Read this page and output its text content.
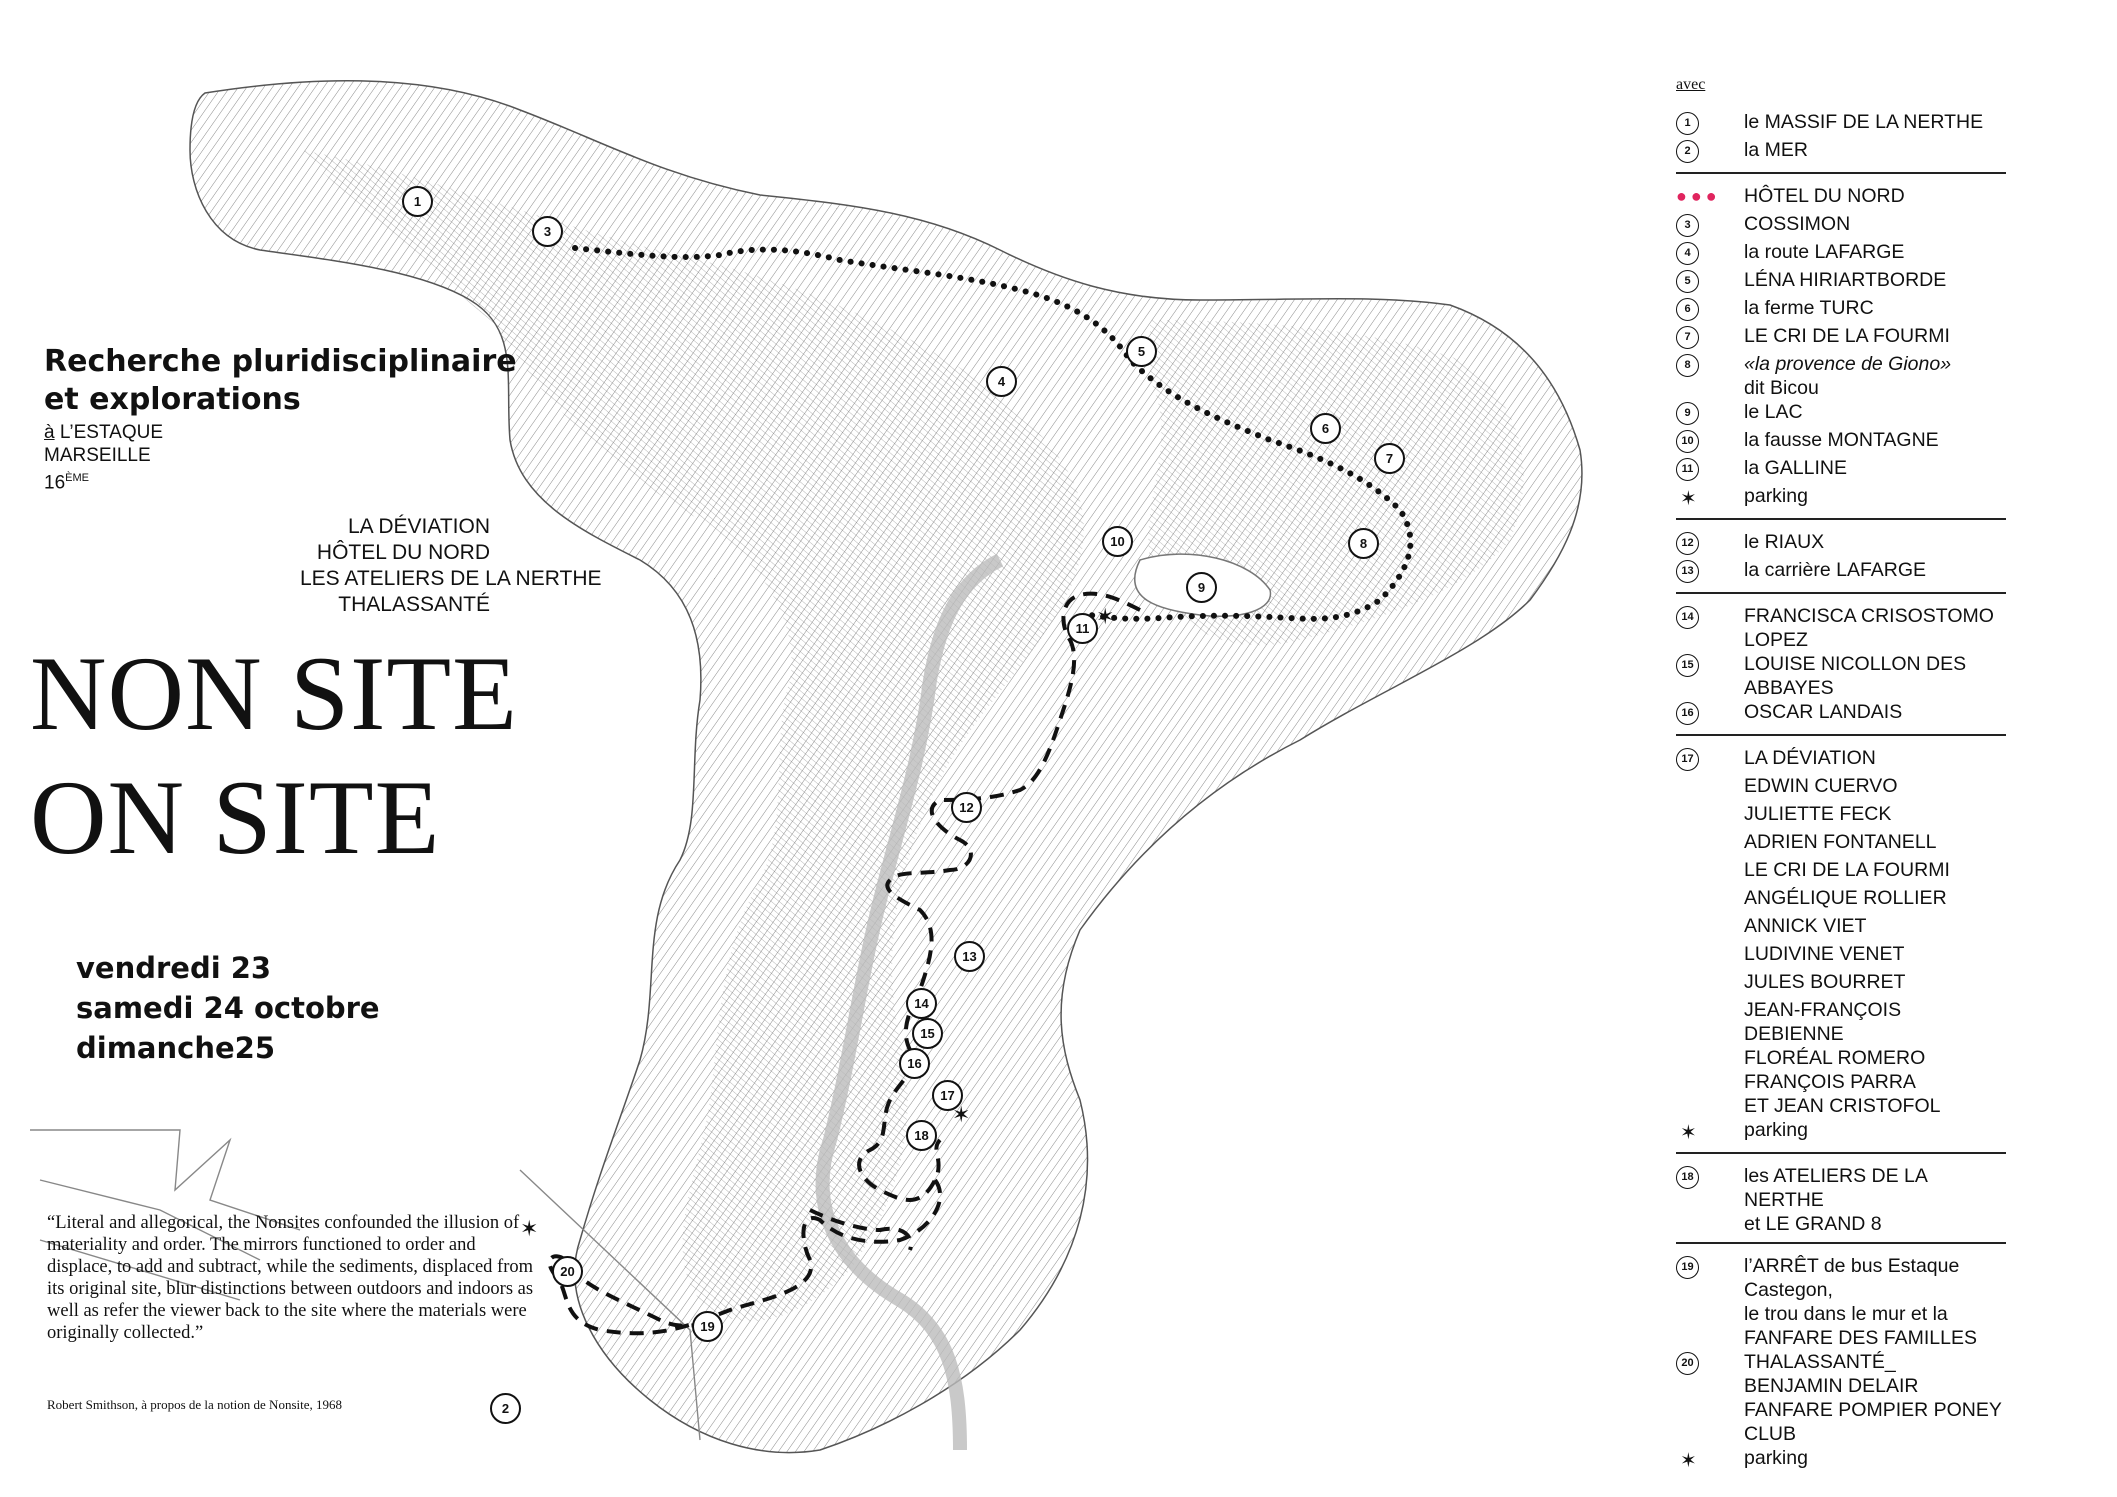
1
2
3
4
5
6
7
8
9
10
11
12
13
14
15
16
17
18
19
20
✶
✶
✶
Recherche pluridisciplinaire
et explorations
à L’ESTAQUE
MARSEILLE
16ÈME
LA DÉVIATION
HÔTEL DU NORD
LES ATELIERS DE LA NERTHE
THALASSANTÉ
NON SITE
ON SITE
vendredi 23
samedi 24 octobre
dimanche25
“Literal and allegorical, the Nonsites confounded the illusion of materiality and order. The mirrors functioned to order and displace, to add and subtract, while the sediments, displaced from its original site, blur distinctions between outdoors and indoors as well as refer the viewer back to the site where the materials were originally collected.”
Robert Smithson, à propos de la notion de Nonsite, 1968
avec
1	le MASSIF DE LA NERTHE
2	la MER
●●●	HÔTEL DU NORD
3	COSSIMON
4	la route LAFARGE
5	LÉNA HIRIARTBORDE
6	la ferme TURC
7	LE CRI DE LA FOURMI
8	«la provence de Giono»
dit Bicou
9	le LAC
10	la fausse MONTAGNE
11	la GALLINE
✶	parking
12	le RIAUX
13	la carrière LAFARGE
14	FRANCISCA CRISOSTOMO LOPEZ
15	LOUISE NICOLLON DES ABBAYES
16	OSCAR LANDAIS
17	LA DÉVIATION
EDWIN CUERVO
JULIETTE FECK
ADRIEN FONTANELL
LE CRI DE LA FOURMI
ANGÉLIQUE ROLLIER
ANNICK VIET
LUDIVINE VENET
JULES BOURRET
JEAN-FRANÇOIS DEBIENNE
FLORÉAL ROMERO
FRANÇOIS PARRA
ET JEAN CRISTOFOL
✶	parking
18	les ATELIERS DE LA NERTHE
et LE GRAND 8
19	l’ARRÊT de bus Estaque Castegon,
le trou dans le mur et la
FANFARE DES FAMILLES
20	THALASSANTÉ_
BENJAMIN DELAIR
FANFARE POMPIER PONEY CLUB
✶	parking
